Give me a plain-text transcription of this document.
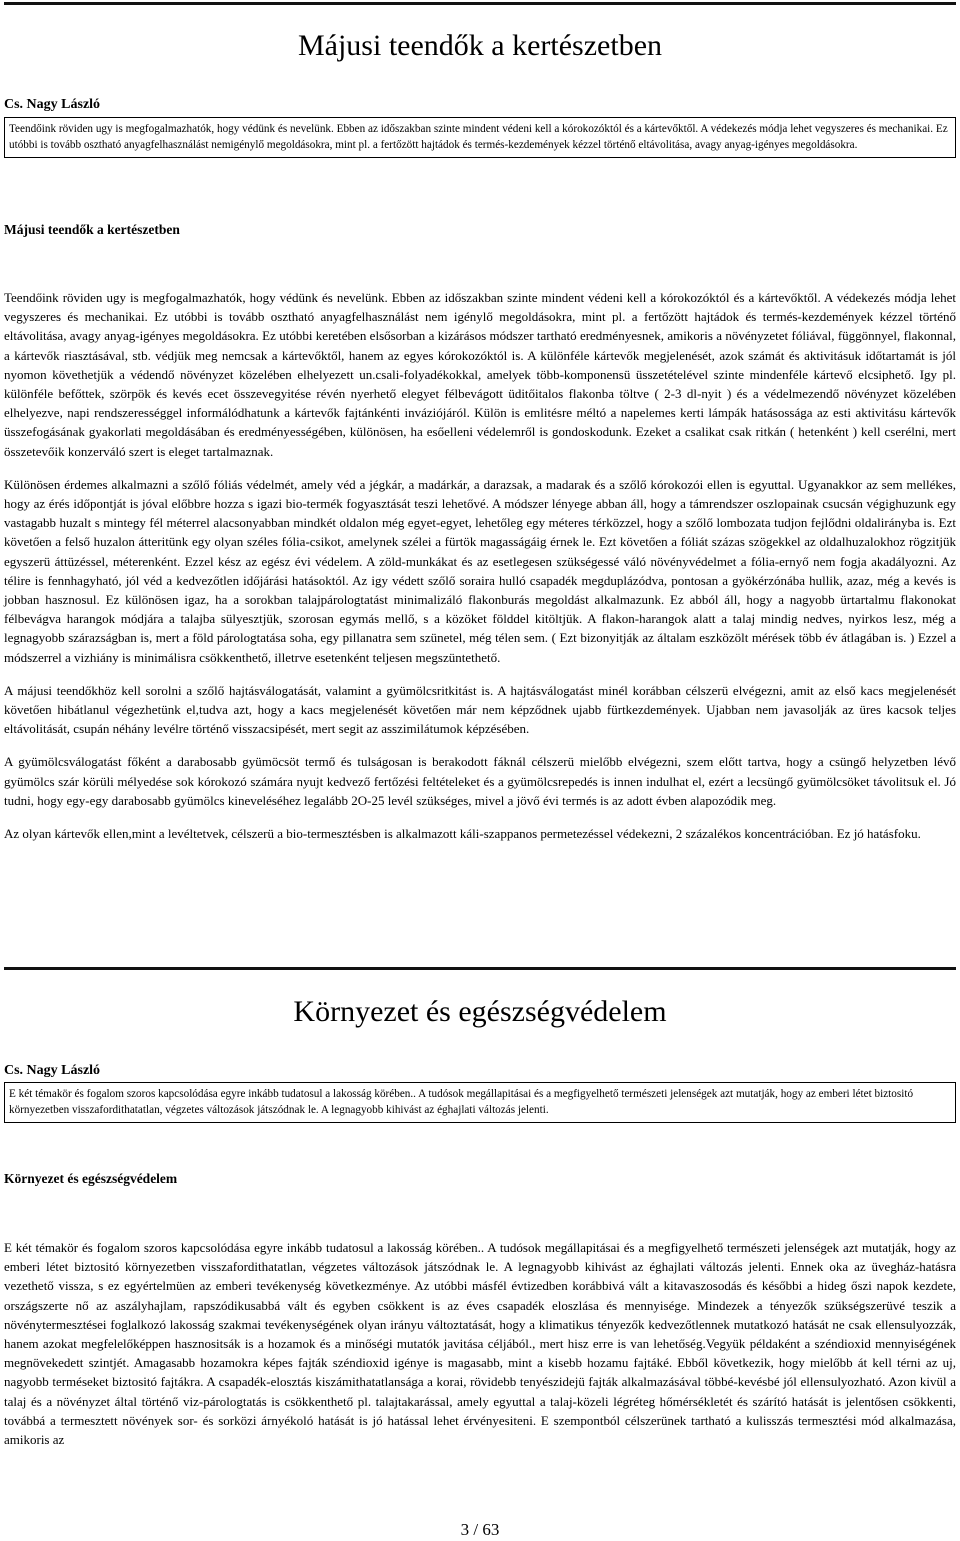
Májusi teendők a kertészetben
Cs. Nagy László
Teendőink röviden ugy is megfogalmazhatók, hogy védünk és nevelünk. Ebben az időszakban szinte mindent védeni kell a kórokozóktól és a kártevőktől. A védekezés módja lehet vegyszeres és mechanikai. Ez utóbbi is tovább osztható anyagfelhasználást nemigénylő megoldásokra, mint pl. a fertőzött hajtádok és termés-kezdemények kézzel történő eltávolitása, avagy anyag-igényes megoldásokra.
Májusi teendők a kertészetben

Teendőink röviden ugy is megfogalmazhatók, hogy védünk és nevelünk. Ebben az időszakban szinte mindent védeni kell a kórokozóktól és a kártevőktől. A védekezés módja lehet vegyszeres és mechanikai. Ez utóbbi is tovább osztható anyagfelhasználást nem igénylő megoldásokra, mint pl. a fertőzött hajtádok és termés-kezdemények kézzel történő eltávolitása, avagy anyag-igényes megoldásokra. Ez utóbbi keretében elsősorban a kizárásos módszer tartható eredményesnek, amikoris a növényzetet fóliával, függönnyel, flakonnal, a kártevők riasztásával, stb. védjük meg nemcsak a kártevőktől, hanem az egyes kórokozóktól is. A különféle kártevők megjelenését, azok számát és aktivitásuk időtartamát is jól nyomon követhetjük a védendő növényzet közelében elhelyezett un.csali-folyadékokkal, amelyek több-komponensü üsszetételével szinte mindenféle kártevő elcsiphető. Igy pl. különféle befőttek, szörpök és kevés ecet összevegyitése révén nyerhető elegyet félbevágott üditőitalos flakonba töltve ( 2-3 dl-nyit ) és a védelmezendő növényzet közelében elhelyezve, napi rendszerességgel informálódhatunk a kártevők fajtánkénti inváziójáról. Külön is emlitésre méltó a napelemes kerti lámpák hatásossága az esti aktivitásu kártevők üsszefogásának gyakorlati megoldásában és eredményességében, különösen, ha esőelleni védelemről is gondoskodunk. Ezeket a csalikat csak ritkán ( hetenként ) kell cserélni, mert összetevőik konzerváló szert is eleget tartalmaznak.

Különösen érdemes alkalmazni a szőlő fóliás védelmét, amely véd a jégkár, a madárkár, a darazsak, a madarak és a szőlő kórokozói ellen is egyuttal. Ugyanakkor az sem mellékes, hogy az érés időpontját is jóval előbbre hozza s igazi bio-termék fogyasztását teszi lehetővé. A módszer lényege abban áll, hogy a támrendszer oszlopainak csucsán végighuzunk egy vastagabb huzalt s mintegy fél méterrel alacsonyabban mindkét oldalon még egyet-egyet, lehetőleg egy méteres térközzel, hogy a szőlő lombozata tudjon fejlődni oldalirányba is. Ezt követően a felső huzalon átteritünk egy olyan széles fólia-csikot, amelynek szélei a fürtök magasságáig érnek le. Ezt követően a fóliát százas szögekkel az oldalhuzalokhoz rögzitjük egyszerü áttüzéssel, méterenként. Ezzel kész az egész évi védelem. A zöld-munkákat és az esetlegesen szükségessé váló növényvédelmet a fólia-ernyő nem fogja akadályozni. Az télire is fennhagyható, jól véd a kedvezőtlen időjárási hatásoktól. Az igy védett szőlő soraira hulló csapadék megduplázódva, pontosan a gyökérzónába hullik, azaz, még a kevés is jobban hasznosul. Ez különösen igaz, ha a sorokban talajpárologtatást minimalizáló flakonburás megoldást alkalmazunk. Ez abból áll, hogy a nagyobb ürtartalmu flakonokat félbevágva harangok módjára a talajba sülyesztjük, szorosan egymás mellő, s a közöket földdel kitöltjük. A flakon-harangok alatt a talaj mindig nedves, nyirkos lesz, még a legnagyobb szárazságban is, mert a föld párologtatása soha, egy pillanatra sem szünetel, még télen sem. ( Ezt bizonyitják az általam eszközölt mérések több év átlagában is. ) Ezzel a módszerrel a vizhiány is minimálisra csökkenthető, illetrve esetenként teljesen megszüntethető.

A májusi teendőkhöz kell sorolni a szőlő hajtásválogatását, valamint a gyümölcsritkitást is. A hajtásválogatást minél korábban célszerü elvégezni, amit az első kacs megjelenését követően hibátlanul végezhetünk el,tudva azt, hogy a kacs megjelenését követően már nem képződnek ujabb fürtkezdemények. Ujabban nem javasolják az üres kacsok teljes eltávolitását, csupán néhány levélre történő visszacsipését, mert segit az asszimilátumok képzésében.

A gyümölcsválogatást főként a darabosabb gyümöcsöt termő és tulságosan is berakodott fáknál célszerü mielőbb elvégezni, szem előtt tartva, hogy a csüngő helyzetben lévő gyümölcs szár körüli mélyedése sok kórokozó számára nyujt kedvező fertőzési feltételeket és a gyümölcsrepedés is innen indulhat el, ezért a lecsüngő gyümölcsöket távolitsuk el. Jó tudni, hogy egy-egy darabosabb gyümölcs kineveléséhez legalább 2O-25 levél szükséges, mivel a jövő évi termés is az adott évben alapozódik meg.

Az olyan kártevők ellen,mint a levéltetvek, célszerü a bio-termesztésben is alkalmazott káli-szappanos permetezéssel védekezni, 2 százalékos koncentrációban. Ez jó hatásfoku.

Környezet és egészségvédelem
Cs. Nagy László
E két témakör és fogalom szoros kapcsolódása egyre inkább tudatosul a lakosság körében.. A tudósok megállapitásai és a megfigyelhető természeti jelenségek azt mutatják, hogy az emberi létet biztositó környezetben visszafordithatatlan, végzetes változások játszódnak le. A legnagyobb kihivást az éghajlati változás jelenti.
Környezet és egészségvédelem

E két témakör és fogalom szoros kapcsolódása egyre inkább tudatosul a lakosság körében.. A tudósok megállapitásai és a megfigyelhető természeti jelenségek azt mutatják, hogy az emberi létet biztositó környezetben visszafordithatatlan, végzetes változások játszódnak le. A legnagyobb kihivást az éghajlati változás jelenti. Ennek oka az üvegház-hatásra vezethető vissza, s ez egyértelmüen az emberi tevékenység következménye. Az utóbbi másfél évtizedben korábbivá vált a kitavaszosodás és későbbi a hideg őszi napok kezdete, országszerte nő az aszályhajlam, rapszódikusabbá vált és egyben csökkent is az éves csapadék eloszlása és mennyisége. Mindezek a tényezők szükségszerüvé teszik a növénytermesztései foglalkozó lakosság szakmai tevékenységének olyan irányu változtatását, hogy a klimatikus tényezők kedvezőtlennek mutatkozó hatását ne csak ellensulyozzák, hanem azokat megfelelőképpen hasznositsák is a hozamok és a minőségi mutatók javitása céljából., mert hisz erre is van lehetőség.Vegyük példaként a széndioxid mennyiségének megnövekedett szintjét. Amagasabb hozamokra képes fajták széndioxid igénye is magasabb, mint a kisebb hozamu fajtáké. Ebből következik, hogy mielőbb át kell térni az uj, nagyobb terméseket biztositó fajtákra. A csapadék-elosztás kiszámithatatlansága a korai, rövidebb tenyészidejü fajták alkalmazásával többé-kevésbé jól ellensulyozható. Azon kivül a talaj és a növényzet által történő viz-párologtatás is csökkenthető pl. talajtakarással, amely egyuttal a talaj-közeli légréteg hőmérsékletét és szárító hatását is jelentősen csökkenti, továbbá a termesztett növények sor- és sorközi árnyékoló hatását is jó hatással lehet érvényesiteni. E szempontból célszerünek tartható a kulisszás termesztési mód alkalmazása, amikoris az

3 / 63
